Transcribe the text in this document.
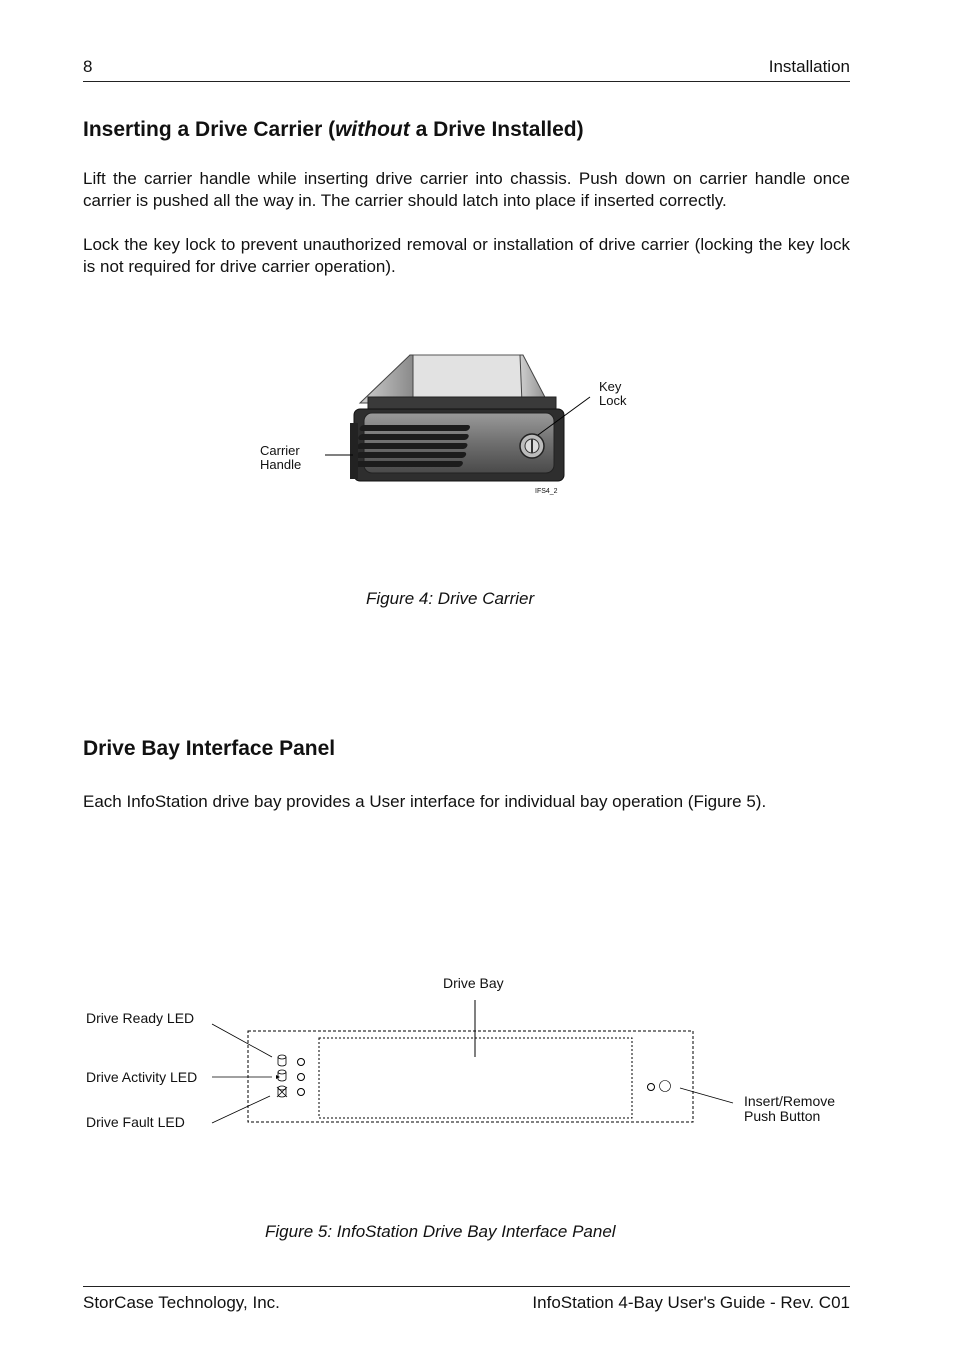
8	Installation
Inserting a Drive Carrier (without a Drive Installed)

Lift the carrier handle while inserting drive carrier into chassis. Push down on carrier handle once carrier is pushed all the way in. The carrier should latch into place if inserted correctly.

Lock the key lock to prevent unauthorized removal or installation of drive carrier (locking the key lock is not required for drive carrier operation).

Key
Lock
Carrier
Handle
IFS4_2
Figure 4: Drive Carrier
Drive Bay Interface Panel

Each InfoStation drive bay provides a User interface for individual bay operation (Figure 5).

Drive Bay
Drive Ready LED
Drive Activity LED
Drive Fault LED
Insert/Remove
Push Button
Figure 5: InfoStation Drive Bay Interface Panel
StorCase Technology, Inc.	InfoStation 4-Bay User's Guide - Rev. C01
